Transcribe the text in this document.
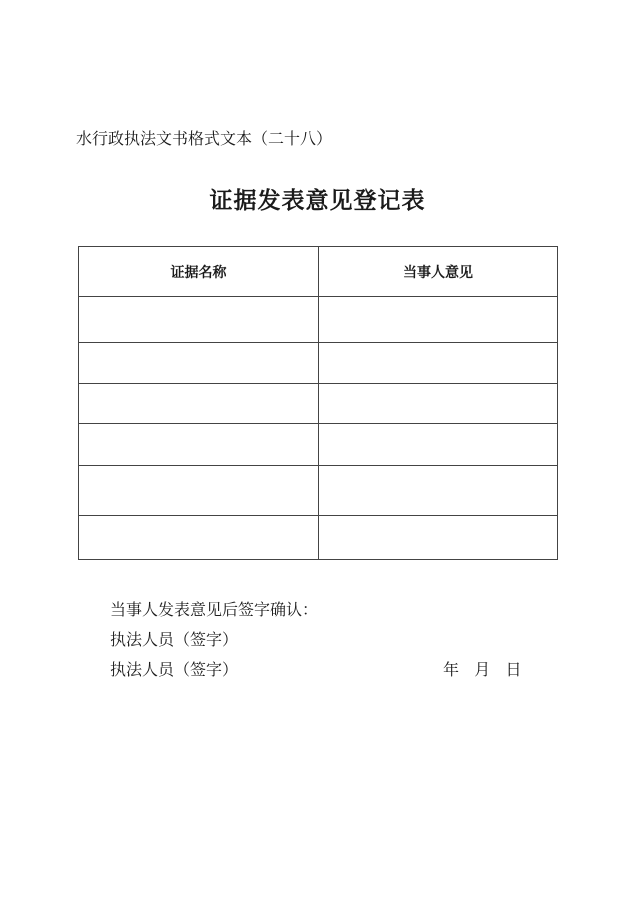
水行政执法文书格式文本（二十八）
证据发表意见登记表
证据名称	当事人意见

当事人发表意见后签字确认：
执法人员（签字）
执法人员（签字）	年   月   日
